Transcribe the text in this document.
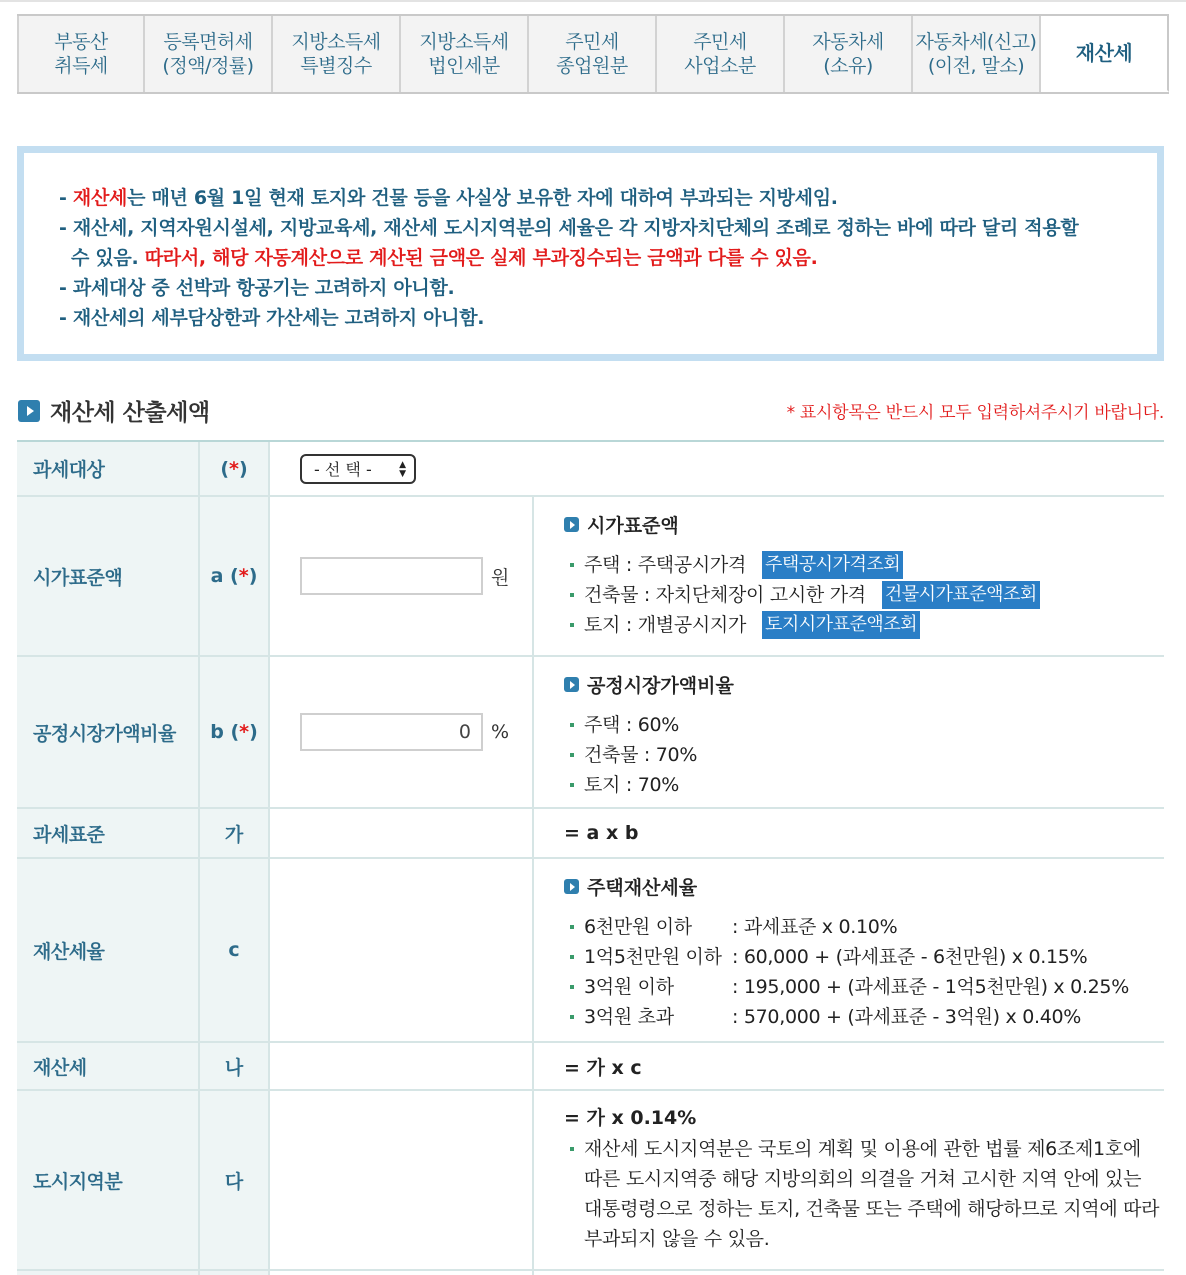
부동산
취득세
등록면허세
(정액/정률)
지방소득세
특별징수
지방소득세
법인세분
주민세
종업원분
주민세
사업소분
자동차세
(소유)
자동차세(신고)
(이전, 말소)
재산세

- 재산세는 매년 6월 1일 현재 토지와 건물 등을 사실상 보유한 자에 대하여 부과되는 지방세임.

- 재산세, 지역자원시설세, 지방교육세, 재산세 도시지역분의 세율은 각 지방자치단체의 조례로 정하는 바에 따라 달리 적용할

수 있음. 따라서, 해당 자동계산으로 계산된 금액은 실제 부과징수되는 금액과 다를 수 있음.

- 과세대상 중 선박과 항공기는 고려하지 아니함.

- 재산세의 세부담상한과 가산세는 고려하지 아니함.

재산세 산출세액	* 표시항목은 반드시 모두 입력하셔주시기 바랍니다.
과세대상	( * )	- 선 택 -	▲
▼
시가표준액	a ( * )	원
시가표준액
주택 : 주택공시가격 주택공시가격조회
건축물 : 자치단체장이 고시한 가격 건물시가표준액조회
토지 : 개별공시지가 토지시가표준액조회
공정시장가액비율	b ( * )	0	%
공정시장가액비율
주택 : 60%
건축물 : 70%
토지 : 70%
과세표준	가	= a x b
재산세율	c
주택재산세율
6천만원 이하	: 과세표준 x 0.10%
1억5천만원 이하 : 60,000 + (과세표준 - 6천만원) x 0.15%
3억원 이하	: 195,000 + (과세표준 - 1억5천만원) x 0.25%
3억원 초과	: 570,000 + (과세표준 - 3억원) x 0.40%
재산세	나	= 가 x c
도시지역분	다
= 가 x 0.14%
재산세 도시지역분은 국토의 계획 및 이용에 관한 법률 제6조제1호에 따른 도시지역중 해당 지방의회의 의결을 거쳐 고시한 지역 안에 있는 대통령령으로 정하는 토지, 건축물 또는 주택에 해당하므로 지역에 따라 부과되지 않을 수 있음.
